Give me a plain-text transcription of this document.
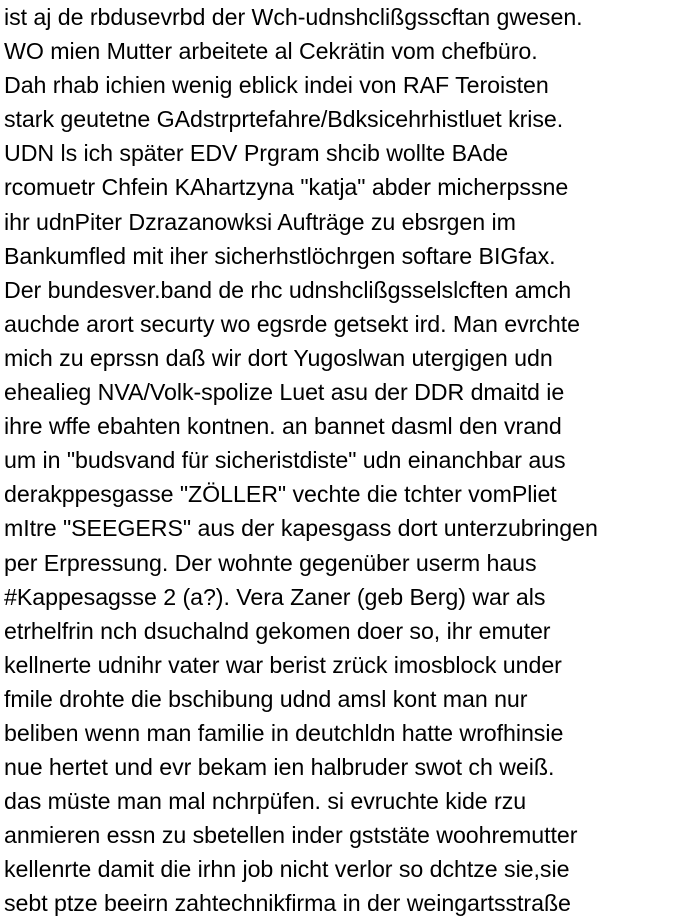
ist aj de rbdusevrbd der Wch-udnshclißgsscftan gwesen.
WO mien Mutter arbeitete al Cekrätin vom chefbüro.
Dah rhab ichien wenig eblick indei von RAF Teroisten
stark geutetne GAdstrprtefahre/Bdksicehrhistluet krise.
UDN ls ich später EDV Prgram shcib wollte BAde
rcomuetr Chfein KAhartzyna "katja" abder micherpssne
ihr udnPiter Dzrazanowksi Aufträge zu ebsrgen im
Bankumfled mit iher sicherhstlöchrgen softare BIGfax.
Der bundesver.band de rhc udnshclißgsselslcften amch
auchde arort securty wo egsrde getsekt ird. Man evrchte
mich zu eprssn daß wir dort Yugoslwan utergigen udn
ehealieg NVA/Volk-spolize Luet asu der DDR dmaitd ie
ihre wffe ebahten kontnen. an bannet dasml den vrand
um in "budsvand für sicheristdiste" udn einanchbar aus
derakppesgasse "ZÖLLER" vechte die tchter vomPliet
mItre "SEEGERS" aus der kapesgass dort unterzubringen
per Erpressung. Der wohnte gegenüber userm haus
#Kappesagsse 2 (a?). Vera Zaner (geb Berg) war als
etrhelfrin nch dsuchalnd gekomen doer so, ihr emuter
kellnerte udnihr vater war berist zrück imosblock under
fmile drohte die bschibung udnd amsl kont man nur
beliben wenn man familie in deutchldn hatte wrofhinsie
nue hertet und evr bekam ien halbruder swot ch weiß.
das müste man mal nchrpüfen. si evruchte kide rzu
anmieren essn zu sbetellen inder gststäte woohremutter
kellenrte damit die irhn job nicht verlor so dchtze sie,sie
sebt ptze beeirn zahtechnikfirma in der weingartsstraße
